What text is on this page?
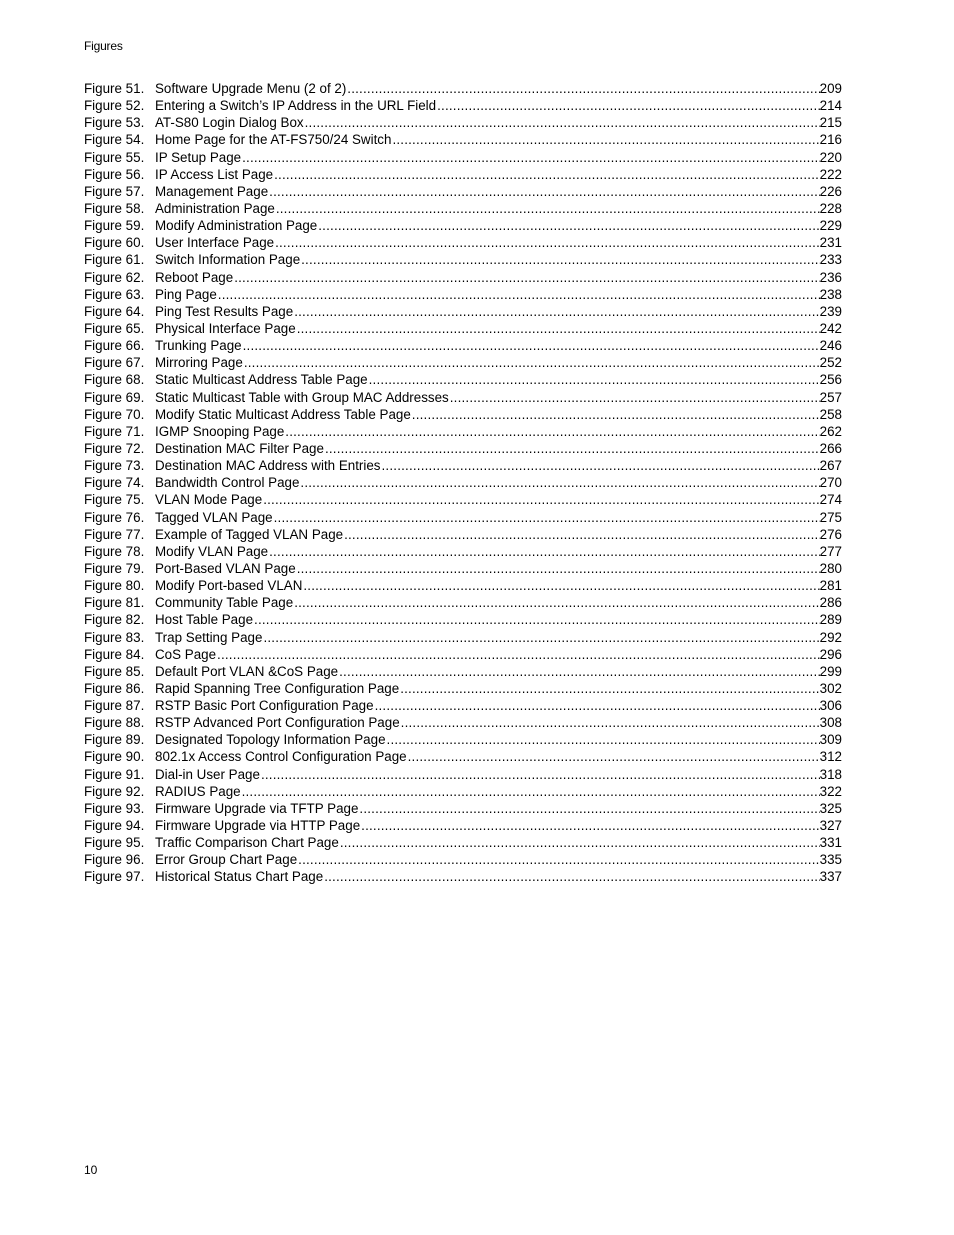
Figures
Figure 51. Software Upgrade Menu (2 of 2) .....	209
Figure 52. Entering a Switch’s IP Address in the URL Field .....	214
Figure 53. AT-S80 Login Dialog Box .....	215
Figure 54. Home Page for the AT-FS750/24 Switch .....	216
Figure 55. IP Setup Page .....	220
Figure 56. IP Access List Page .....	222
Figure 57. Management Page .....	226
Figure 58. Administration Page .....	228
Figure 59. Modify Administration Page .....	229
Figure 60. User Interface Page .....	231
Figure 61. Switch Information Page .....	233
Figure 62. Reboot Page .....	236
Figure 63. Ping Page .....	238
Figure 64. Ping Test Results Page .....	239
Figure 65. Physical Interface Page .....	242
Figure 66. Trunking Page .....	246
Figure 67. Mirroring Page .....	252
Figure 68. Static Multicast Address Table Page .....	256
Figure 69. Static Multicast Table with Group MAC Addresses .....	257
Figure 70. Modify Static Multicast Address Table Page .....	258
Figure 71. IGMP Snooping Page .....	262
Figure 72. Destination MAC Filter Page .....	266
Figure 73. Destination MAC Address with Entries .....	267
Figure 74. Bandwidth Control Page .....	270
Figure 75. VLAN Mode Page .....	274
Figure 76. Tagged VLAN Page .....	275
Figure 77. Example of Tagged VLAN Page .....	276
Figure 78. Modify VLAN Page .....	277
Figure 79. Port-Based VLAN Page .....	280
Figure 80. Modify Port-based VLAN .....	281
Figure 81. Community Table Page .....	286
Figure 82. Host Table Page .....	289
Figure 83. Trap Setting Page .....	292
Figure 84. CoS Page .....	296
Figure 85. Default Port VLAN &CoS Page .....	299
Figure 86. Rapid Spanning Tree Configuration Page .....	302
Figure 87. RSTP Basic Port Configuration Page .....	306
Figure 88. RSTP Advanced Port Configuration Page .....	308
Figure 89. Designated Topology Information Page .....	309
Figure 90. 802.1x Access Control Configuration Page .....	312
Figure 91. Dial-in User Page .....	318
Figure 92. RADIUS Page .....	322
Figure 93. Firmware Upgrade via TFTP Page .....	325
Figure 94. Firmware Upgrade via HTTP Page .....	327
Figure 95. Traffic Comparison Chart Page .....	331
Figure 96. Error Group Chart Page .....	335
Figure 97. Historical Status Chart Page .....	337
10
